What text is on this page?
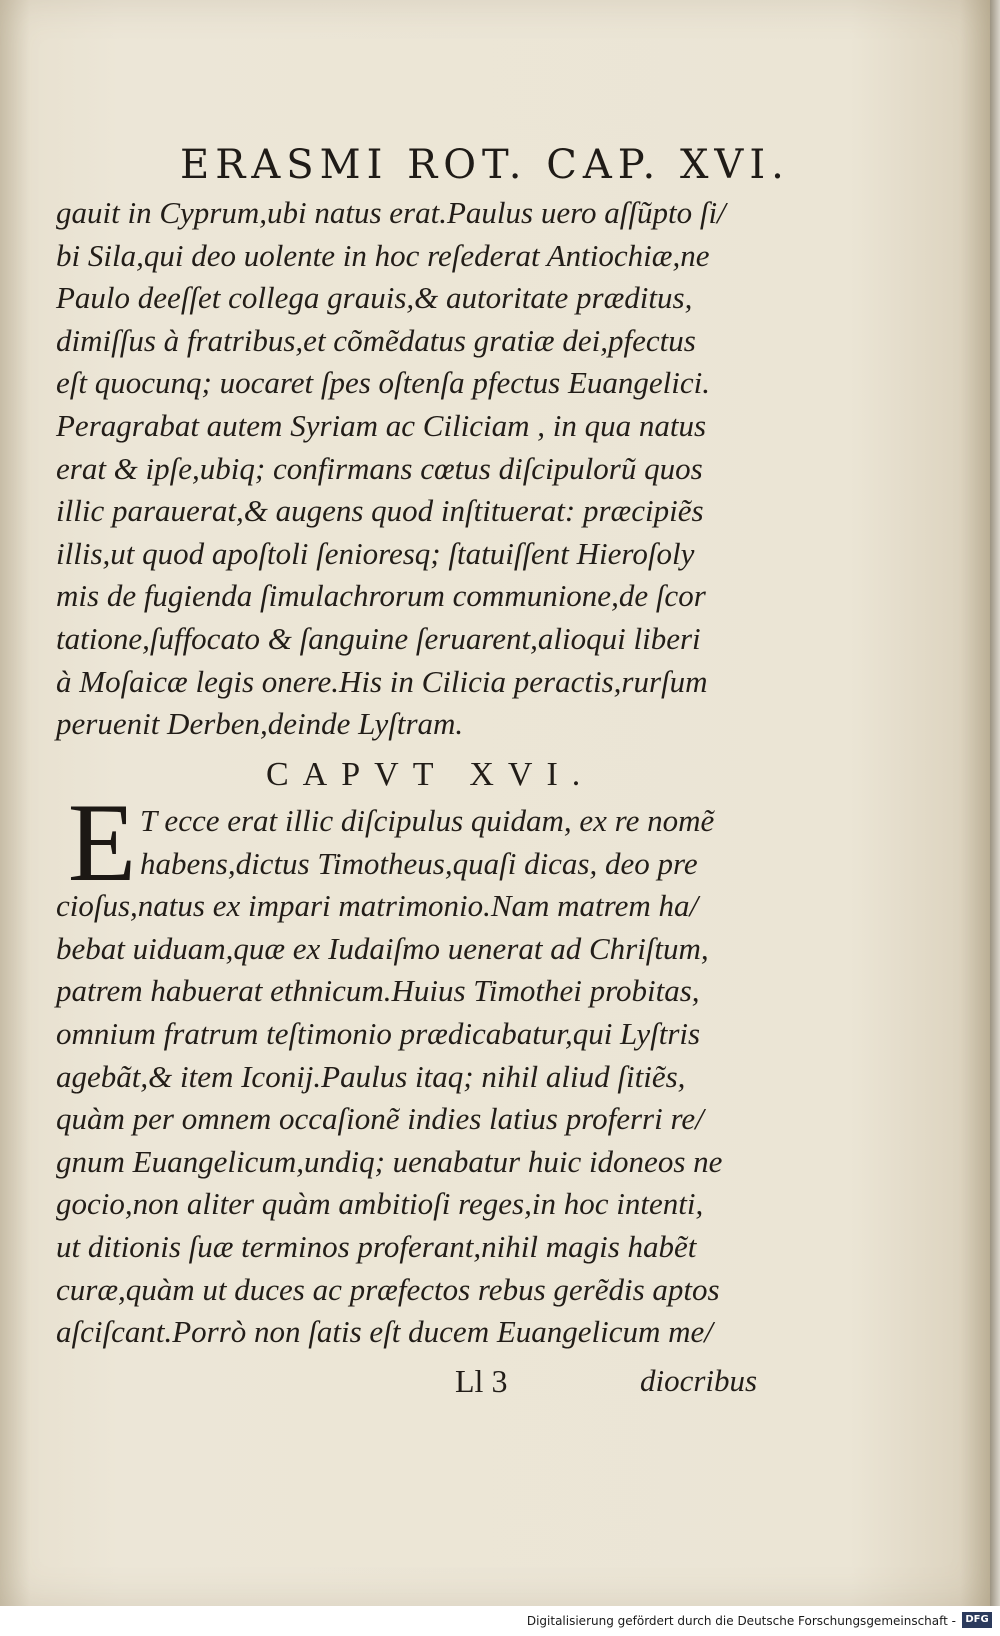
ERASMI ROT. CAP. XVI.
gauit in Cyprum,ubi natus erat.Paulus uero aſſũpto ſi/
bi Sila,qui deo uolente in hoc reſederat Antiochiæ,ne
Paulo deeſſet collega grauis,& autoritate præditus,
dimiſſus à fratribus,et cõmẽdatus gratiæ dei,pfectus
eſt quocunq; uocaret ſpes oſtenſa pfectus Euangelici.
Peragrabat autem Syriam ac Ciliciam , in qua natus
erat & ipſe,ubiq; confirmans cœtus diſcipulorũ quos
illic parauerat,& augens quod inſtituerat: præcipiẽs
illis,ut quod apoſtoli ſenioresq; ſtatuiſſent Hieroſoly
mis de fugienda ſimulachrorum communione,de ſcor
tatione,ſuffocato & ſanguine ſeruarent,alioqui liberi
à Moſaicæ legis onere.His in Cilicia peractis,rurſum
peruenit Derben,deinde Lyſtram.
CAPVT XVI.
E T ecce erat illic diſcipulus quidam, ex re nomẽ
habens,dictus Timotheus,quaſi dicas, deo pre
cioſus,natus ex impari matrimonio.Nam matrem ha/
bebat uiduam,quæ ex Iudaiſmo uenerat ad Chriſtum,
patrem habuerat ethnicum.Huius Timothei probitas,
omnium fratrum teſtimonio prædicabatur,qui Lyſtris
agebãt,& item Iconij.Paulus itaq; nihil aliud ſitiẽs,
quàm per omnem occaſionẽ indies latius proferri re/
gnum Euangelicum,undiq; uenabatur huic idoneos ne
gocio,non aliter quàm ambitioſi reges,in hoc intenti,
ut ditionis ſuæ terminos proferant,nihil magis habẽt
curæ,quàm ut duces ac præfectos rebus gerẽdis aptos
aſciſcant.Porrò non ſatis eſt ducem Euangelicum me/
Ll 3	diocribus
Digitalisierung gefördert durch die Deutsche Forschungsgemeinschaft - DFG
